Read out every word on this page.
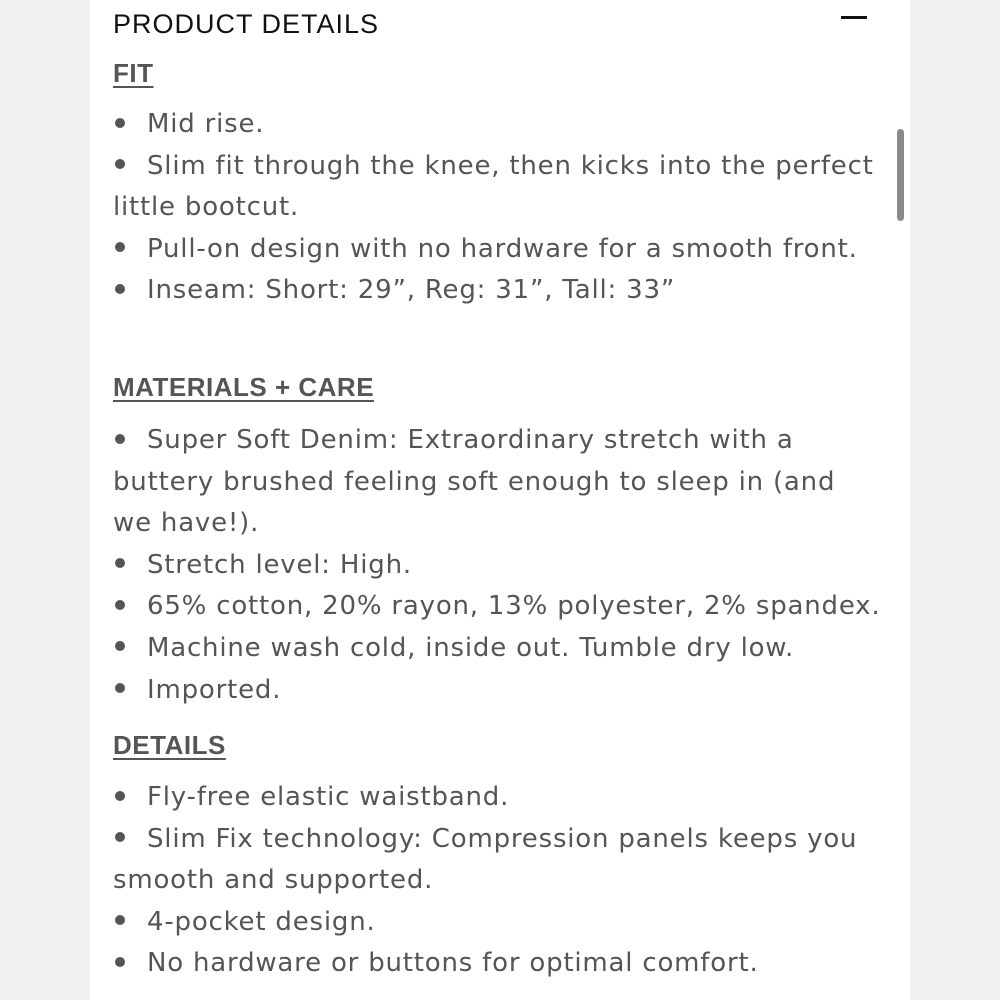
PRODUCT DETAILS
FIT
Mid rise.
Slim fit through the knee, then kicks into the perfect little bootcut.
Pull-on design with no hardware for a smooth front.
Inseam: Short: 29”, Reg: 31”, Tall: 33”
MATERIALS + CARE
Super Soft Denim: Extraordinary stretch with a buttery brushed feeling soft enough to sleep in (and we have!).
Stretch level: High.
65% cotton, 20% rayon, 13% polyester, 2% spandex.
Machine wash cold, inside out. Tumble dry low.
Imported.
DETAILS
Fly-free elastic waistband.
Slim Fix technology: Compression panels keeps you smooth and supported.
4-pocket design.
No hardware or buttons for optimal comfort.
